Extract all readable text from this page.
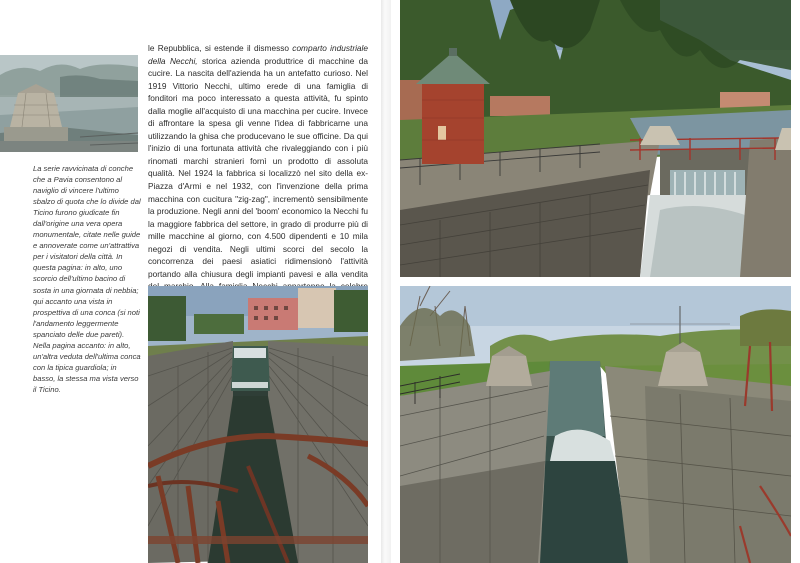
La serie ravvicinata di conche che a Pavia consentono al naviglio di vincere l'ultimo sbalzo di quota che lo divide dal Ticino furono giudicate fin dall'origine una vera opera monumentale, citate nelle guide e annoverate come un'attrattiva per i visitatori della città. In questa pagina: in alto, uno scorcio dell'ultimo bacino di sosta in una giornata di nebbia; qui accanto una vista in prospettiva di una conca (si noti l'andamento leggermente spanciato delle due pareti). Nella pagina accanto: in alto, un'altra veduta dell'ultima conca con la tipica guardiola; in basso, la stessa ma vista verso il Ticino.

le Repubblica, si estende il dismesso comparto industriale della Necchi, storica azienda produttrice di macchine da cucire. La nascita dell'azienda ha un antefatto curioso. Nel 1919 Vittorio Necchi, ultimo erede di una famiglia di fonditori ma poco interessato a questa attività, fu spinto dalla moglie all'acquisto di una macchina per cucire. Invece di affrontare la spesa gli venne l'idea di fabbricarne una utilizzando la ghisa che producevano le sue officine. Da qui l'inizio di una fortunata attività che rivaleggiando con i più rinomati marchi stranieri fornì un prodotto di assoluta qualità. Nel 1924 la fabbrica si localizzò nel sito della ex-Piazza d'Armi e nel 1932, con l'invenzione della prima macchina con cucitura "zig-zag", incrementò sensibilmente la produzione. Negli anni del 'boom' economico la Necchi fu la maggiore fabbrica del settore, in grado di produrre più di mille macchine al giorno, con 4.500 dipendenti e 10 mila negozi di vendita. Negli ultimi scorci del secolo la concorrenza dei paesi asiatici ridimensionò l'attività portando alla chiusura degli impianti pavesi e alla vendita
